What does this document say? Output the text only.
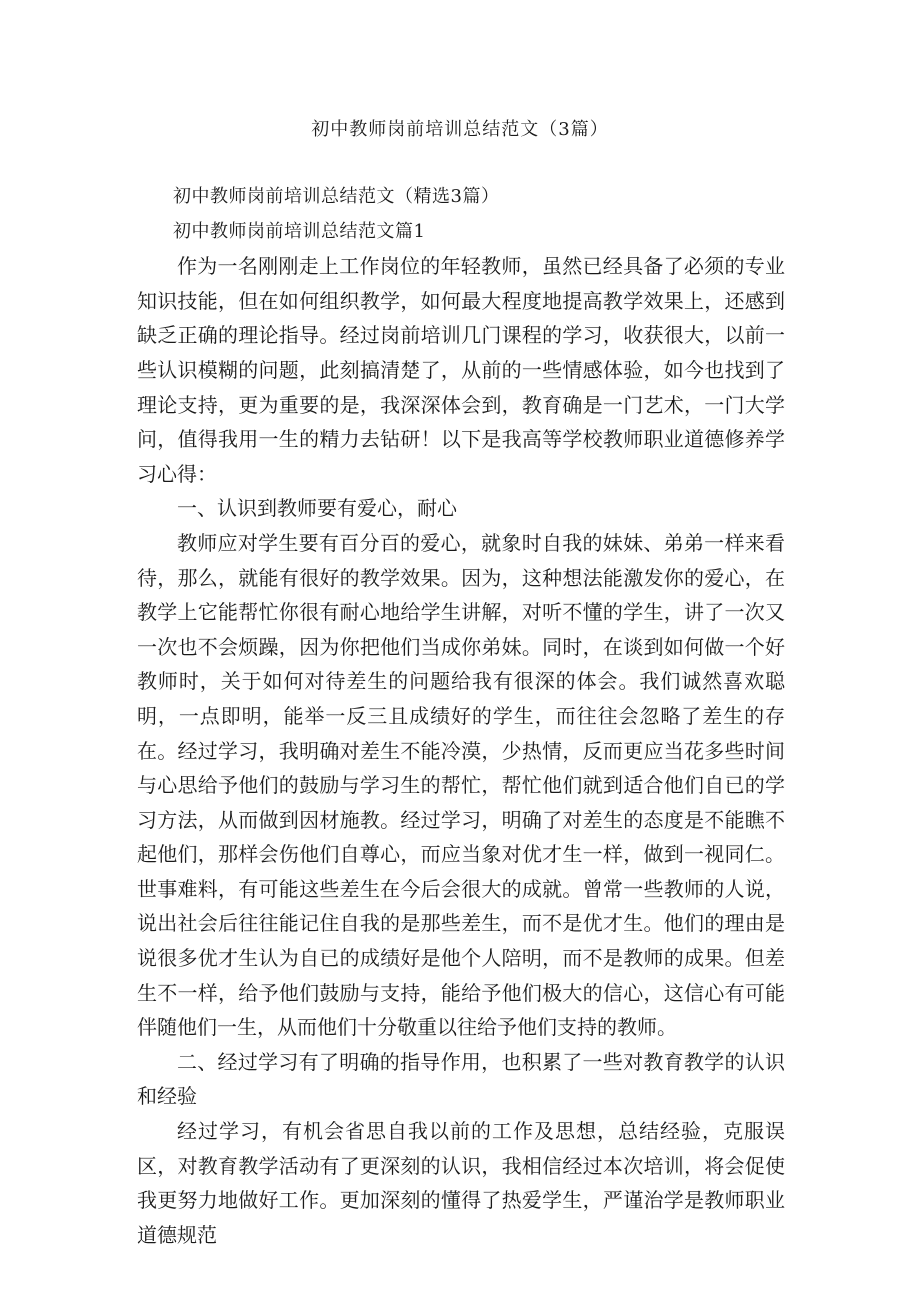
初中教师岗前培训总结范文（3篇）

初中教师岗前培训总结范文（精选3篇）

初中教师岗前培训总结范文篇1

作为一名刚刚走上工作岗位的年轻教师，虽然已经具备了必须的专业知识技能，但在如何组织教学，如何最大程度地提高教学效果上，还感到缺乏正确的理论指导。经过岗前培训几门课程的学习，收获很大，以前一些认识模糊的问题，此刻搞清楚了，从前的一些情感体验，如今也找到了理论支持，更为重要的是，我深深体会到，教育确是一门艺术，一门大学问，值得我用一生的精力去钻研！以下是我高等学校教师职业道德修养学习心得：

一、认识到教师要有爱心，耐心

教师应对学生要有百分百的爱心，就象时自我的妹妹、弟弟一样来看待，那么，就能有很好的教学效果。因为，这种想法能激发你的爱心，在教学上它能帮忙你很有耐心地给学生讲解，对听不懂的学生，讲了一次又一次也不会烦躁，因为你把他们当成你弟妹。同时，在谈到如何做一个好教师时，关于如何对待差生的问题给我有很深的体会。我们诚然喜欢聪明，一点即明，能举一反三且成绩好的学生，而往往会忽略了差生的存在。经过学习，我明确对差生不能冷漠，少热情，反而更应当花多些时间与心思给予他们的鼓励与学习生的帮忙，帮忙他们就到适合他们自已的学习方法，从而做到因材施教。经过学习，明确了对差生的态度是不能瞧不起他们，那样会伤他们自尊心，而应当象对优才生一样，做到一视同仁。世事难料，有可能这些差生在今后会很大的成就。曾常一些教师的人说，说出社会后往往能记住自我的是那些差生，而不是优才生。他们的理由是说很多优才生认为自已的成绩好是他个人陪明，而不是教师的成果。但差生不一样，给予他们鼓励与支持，能给予他们极大的信心，这信心有可能伴随他们一生，从而他们十分敬重以往给予他们支持的教师。

二、经过学习有了明确的指导作用，也积累了一些对教育教学的认识和经验

经过学习，有机会省思自我以前的工作及思想，总结经验，克服误区，对教育教学活动有了更深刻的认识，我相信经过本次培训，将会促使我更努力地做好工作。更加深刻的懂得了热爱学生，严谨治学是教师职业道德规范
